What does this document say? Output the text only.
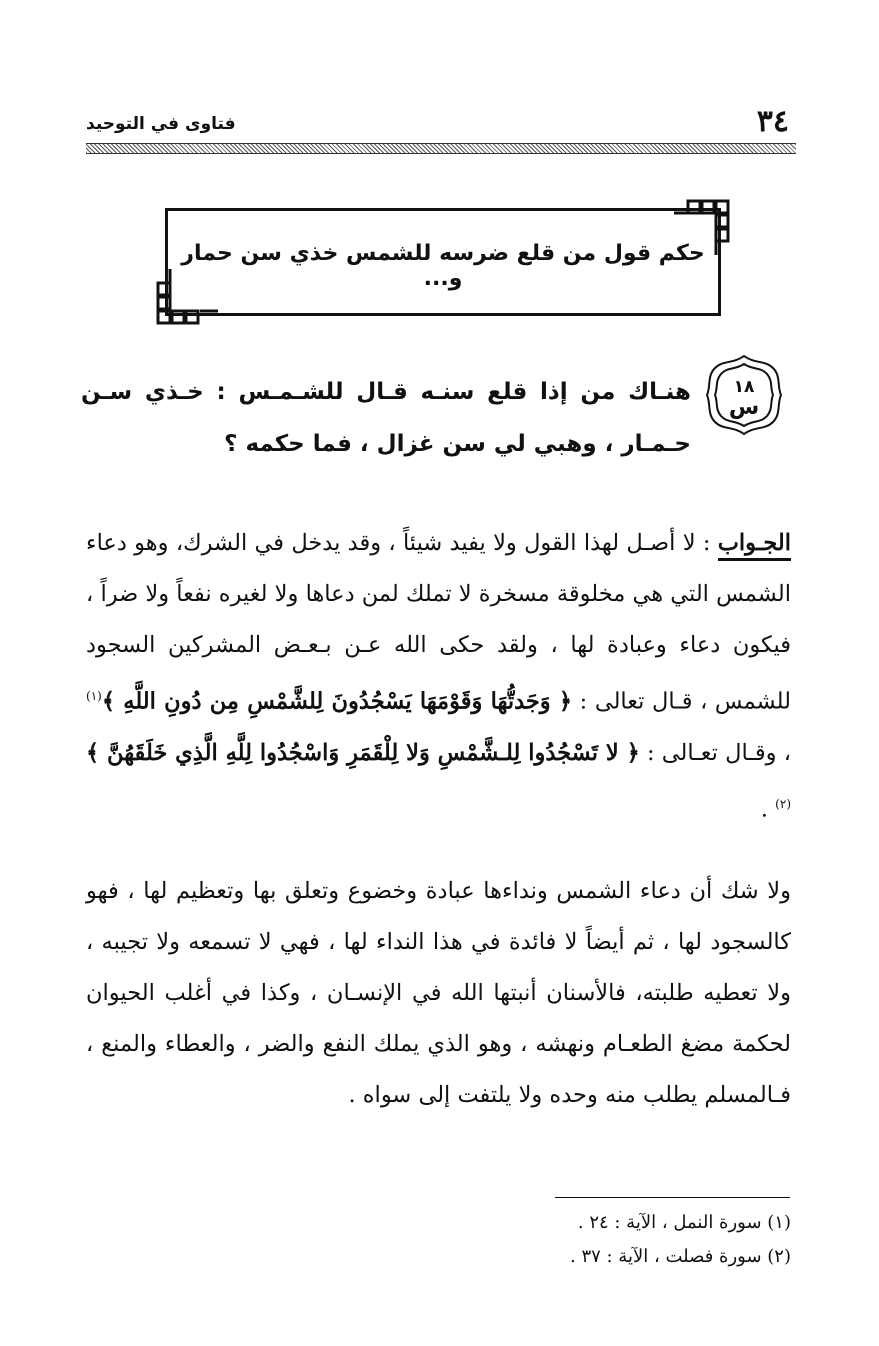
٣٤
فتاوى في التوحيد
حكم قول من قلع ضرسه للشمس خذي سن حمار و...
١٨
س
هنـاك من إذا قلع سنـه قـال للشـمـس : خـذي سـن حـمـار ، وهبي لي سن غزال ، فما حكمه ؟
الجـواب : لا أصـل لهذا القول ولا يفيد شيئاً ، وقد يدخل في الشرك، وهو دعاء الشمس التي هي مخلوقة مسخرة لا تملك لمن دعاها ولا لغيره نفعاً ولا ضراً ، فيكون دعاء وعبادة لها ، ولقد حكى الله عـن بـعـض المشركين السجود للشمس ، قـال تعالى : ﴿ وَجَدتُّهَا وَقَوْمَهَا يَسْجُدُونَ لِلشَّمْسِ مِن دُونِ اللَّهِ ﴾$^{(١)}$ ، وقـال تعـالى : ﴿ لا تَسْجُدُوا لِلـشَّمْسِ وَلا لِلْقَمَرِ وَاسْجُدُوا لِلَّهِ الَّذِي خَلَقَهُنَّ ﴾$^{(٢)}$ .
ولا شك أن دعاء الشمس ونداءها عبادة وخضوع وتعلق بها وتعظيم لها ، فهو كالسجود لها ، ثم أيضاً لا فائدة في هذا النداء لها ، فهي لا تسمعه ولا تجيبه ، ولا تعطيه طلبته، فالأسنان أنبتها الله في الإنسـان ، وكذا في أغلب الحيوان لحكمة مضغ الطعـام ونهشه ، وهو الذي يملك النفع والضر ، والعطاء والمنع ، فـالمسلم يطلب منه وحده ولا يلتفت إلى سواه .
(١) سورة النمل ، الآية : ٢٤ .
(٢) سورة فصلت ، الآية : ٣٧ .
